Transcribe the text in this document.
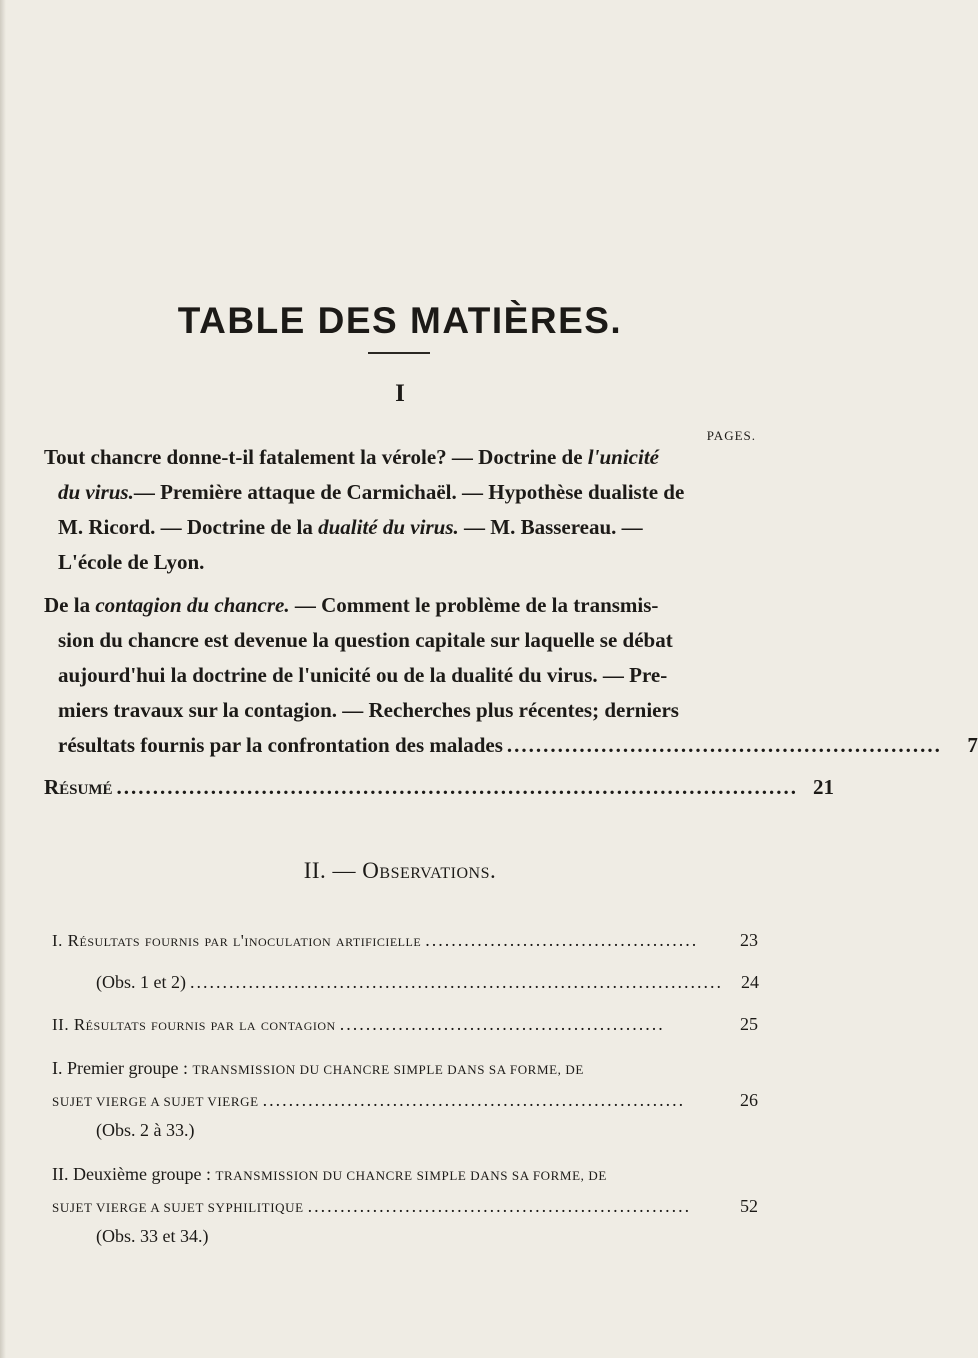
TABLE DES MATIÈRES.
I
PAGES.
Tout chancre donne-t-il fatalement la vérole? — Doctrine de l'unicité
du virus.— Première attaque de Carmichaël. — Hypothèse dualiste de
M. Ricord. — Doctrine de la dualité du virus. — M. Bassereau. —
L'école de Lyon.
De la contagion du chancre. — Comment le problème de la transmis-
sion du chancre est devenue la question capitale sur laquelle se débat
aujourd'hui la doctrine de l'unicité ou de la dualité du virus. — Pre-
miers travaux sur la contagion. — Recherches plus récentes; derniers
résultats fournis par la confrontation des malades ............................................................	7
Résumé .............................................................................................. 21
II. — Observations.
I. Résultats fournis par l'inoculation artificielle ..........................................	23
(Obs. 1 et 2) ..................................................................................	24
II. Résultats fournis par la contagion ..................................................	25
I. Premier groupe : TRANSMISSION DU CHANCRE SIMPLE DANS SA FORME, DE
SUJET VIERGE A SUJET VIERGE .................................................................	26
(Obs. 2 à 33.)
II. Deuxième groupe : TRANSMISSION DU CHANCRE SIMPLE DANS SA FORME, DE
SUJET VIERGE A SUJET SYPHILITIQUE ...........................................................	52
(Obs. 33 et 34.)
